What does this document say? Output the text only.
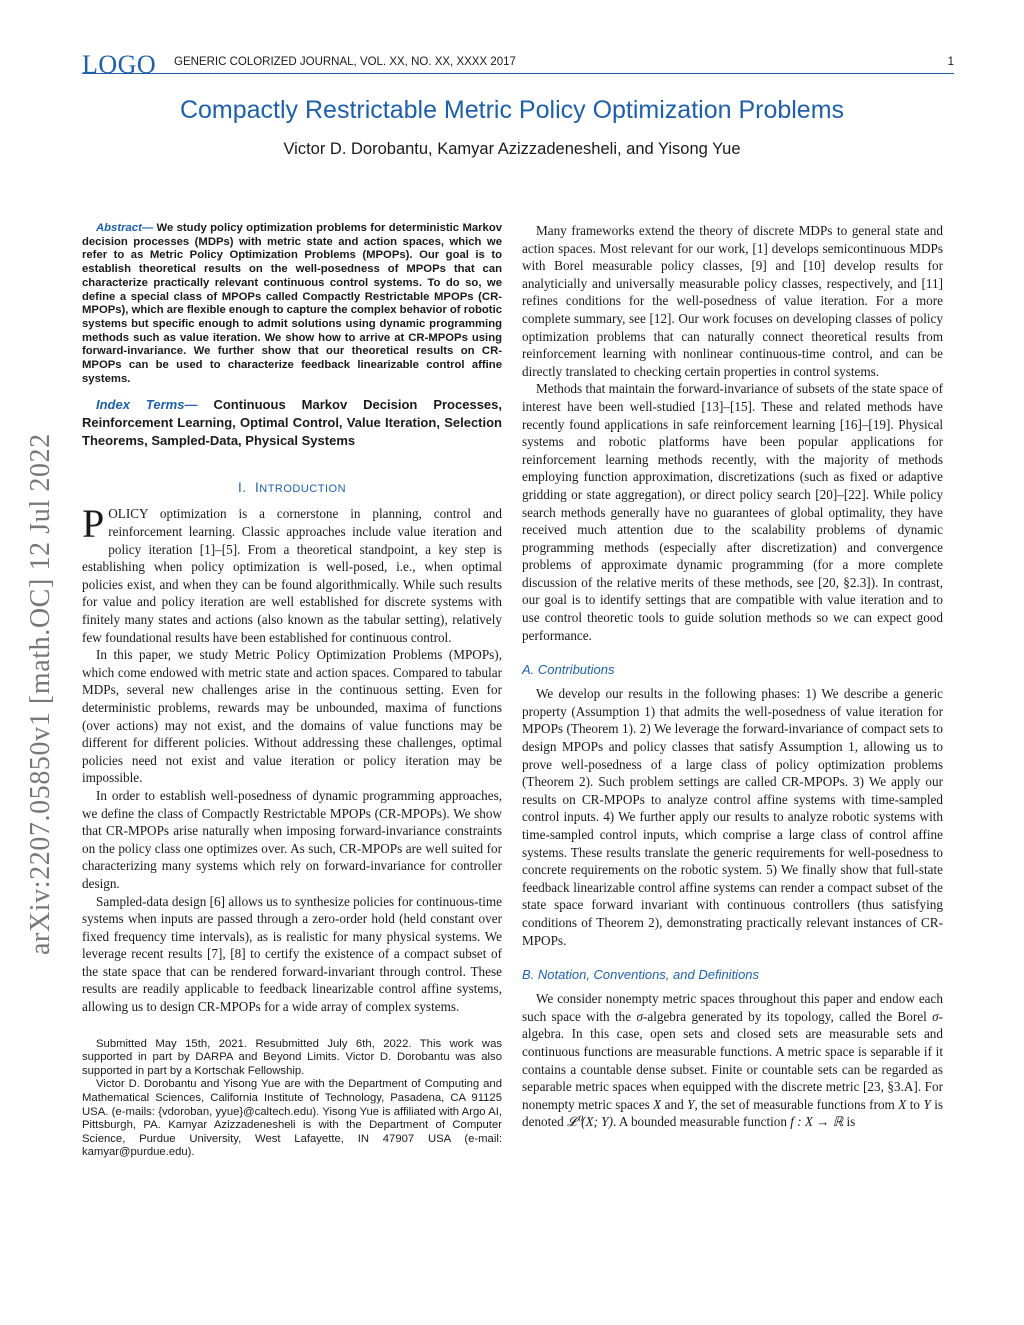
LOGO GENERIC COLORIZED JOURNAL, VOL. XX, NO. XX, XXXX 2017	1
Compactly Restrictable Metric Policy Optimization Problems
Victor D. Dorobantu, Kamyar Azizzadenesheli, and Yisong Yue
arXiv:2207.05850v1 [math.OC] 12 Jul 2022

Abstract— We study policy optimization problems for deterministic Markov decision processes (MDPs) with metric state and action spaces, which we refer to as Metric Policy Optimization Problems (MPOPs). Our goal is to establish theoretical results on the well-posedness of MPOPs that can characterize practically relevant continuous control systems. To do so, we define a special class of MPOPs called Compactly Restrictable MPOPs (CR-MPOPs), which are flexible enough to capture the complex behavior of robotic systems but specific enough to admit solutions using dynamic programming methods such as value iteration. We show how to arrive at CR-MPOPs using forward-invariance. We further show that our theoretical results on CR-MPOPs can be used to characterize feedback linearizable control affine systems.

Index Terms— Continuous Markov Decision Processes, Reinforcement Learning, Optimal Control, Value Iteration, Selection Theorems, Sampled-Data, Physical Systems

I. INTRODUCTION

POLICY optimization is a cornerstone in planning, control and reinforcement learning. Classic approaches include value iteration and policy iteration [1]–[5]. From a theoretical standpoint, a key step is establishing when policy optimization is well-posed, i.e., when optimal policies exist, and when they can be found algorithmically. While such results for value and policy iteration are well established for discrete systems with finitely many states and actions (also known as the tabular setting), relatively few foundational results have been established for continuous control.

In this paper, we study Metric Policy Optimization Problems (MPOPs), which come endowed with metric state and action spaces. Compared to tabular MDPs, several new challenges arise in the continuous setting. Even for deterministic problems, rewards may be unbounded, maxima of functions (over actions) may not exist, and the domains of value functions may be different for different policies. Without addressing these challenges, optimal policies need not exist and value iteration or policy iteration may be impossible.

In order to establish well-posedness of dynamic programming approaches, we define the class of Compactly Restrictable MPOPs (CR-MPOPs). We show that CR-MPOPs arise naturally when imposing forward-invariance constraints on the policy class one optimizes over. As such, CR-MPOPs are well suited for characterizing many systems which rely on forward-invariance for controller design.

Sampled-data design [6] allows us to synthesize policies for continuous-time systems when inputs are passed through a zero-order hold (held constant over fixed frequency time intervals), as is realistic for many physical systems. We leverage recent results [7], [8] to certify the existence of a compact subset of the state space that can be rendered forward-invariant through control. These results are readily applicable to feedback linearizable control affine systems, allowing us to design CR-MPOPs for a wide array of complex systems.

Submitted May 15th, 2021. Resubmitted July 6th, 2022. This work was supported in part by DARPA and Beyond Limits. Victor D. Dorobantu was also supported in part by a Kortschak Fellowship.

Victor D. Dorobantu and Yisong Yue are with the Department of Computing and Mathematical Sciences, California Institute of Technology, Pasadena, CA 91125 USA. (e-mails: {vdoroban, yyue}@caltech.edu). Yisong Yue is affiliated with Argo AI, Pittsburgh, PA. Kamyar Azizzadenesheli is with the Department of Computer Science, Purdue University, West Lafayette, IN 47907 USA (e-mail: kamyar@purdue.edu).

Many frameworks extend the theory of discrete MDPs to general state and action spaces. Most relevant for our work, [1] develops semicontinuous MDPs with Borel measurable policy classes, [9] and [10] develop results for analyticially and universally measurable policy classes, respectively, and [11] refines conditions for the well-posedness of value iteration. For a more complete summary, see [12]. Our work focuses on developing classes of policy optimization problems that can naturally connect theoretical results from reinforcement learning with nonlinear continuous-time control, and can be directly translated to checking certain properties in control systems.

Methods that maintain the forward-invariance of subsets of the state space of interest have been well-studied [13]–[15]. These and related methods have recently found applications in safe reinforcement learning [16]–[19]. Physical systems and robotic platforms have been popular applications for reinforcement learning methods recently, with the majority of methods employing function approximation, discretizations (such as fixed or adaptive gridding or state aggregation), or direct policy search [20]–[22]. While policy search methods generally have no guarantees of global optimality, they have received much attention due to the scalability problems of dynamic programming methods (especially after discretization) and convergence problems of approximate dynamic programming (for a more complete discussion of the relative merits of these methods, see [20, §2.3]). In contrast, our goal is to identify settings that are compatible with value iteration and to use control theoretic tools to guide solution methods so we can expect good performance.

A. Contributions

We develop our results in the following phases: 1) We describe a generic property (Assumption 1) that admits the well-posedness of value iteration for MPOPs (Theorem 1). 2) We leverage the forward-invariance of compact sets to design MPOPs and policy classes that satisfy Assumption 1, allowing us to prove well-posedness of a large class of policy optimization problems (Theorem 2). Such problem settings are called CR-MPOPs. 3) We apply our results on CR-MPOPs to analyze control affine systems with time-sampled control inputs. 4) We further apply our results to analyze robotic systems with time-sampled control inputs, which comprise a large class of control affine systems. These results translate the generic requirements for well-posedness to concrete requirements on the robotic system. 5) We finally show that full-state feedback linearizable control affine systems can render a compact subset of the state space forward invariant with continuous controllers (thus satisfying conditions of Theorem 2), demonstrating practically relevant instances of CR-MPOPs.

B. Notation, Conventions, and Definitions

We consider nonempty metric spaces throughout this paper and endow each such space with the σ-algebra generated by its topology, called the Borel σ-algebra. In this case, open sets and closed sets are measurable sets and continuous functions are measurable functions. A metric space is separable if it contains a countable dense subset. Finite or countable sets can be regarded as separable metric spaces when equipped with the discrete metric [23, §3.A]. For nonempty metric spaces X and Y, the set of measurable functions from X to Y is denoted 𝓛⁰(X; Y). A bounded measurable function f : X → ℝ is
